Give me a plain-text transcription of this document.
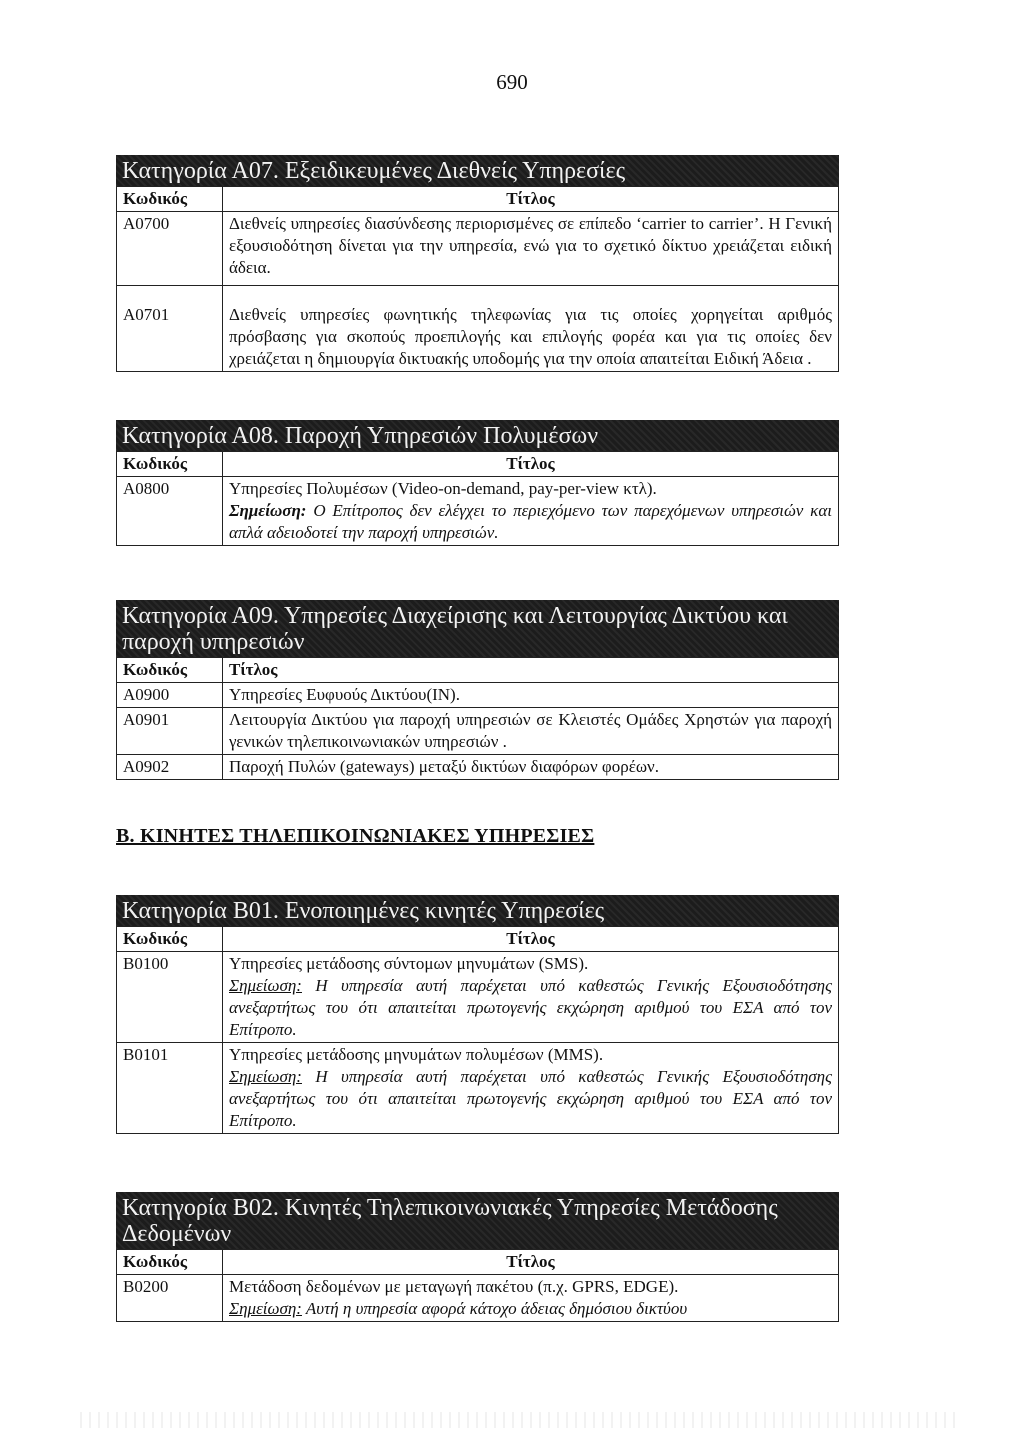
690
Κατηγορία Α07. Εξειδικευμένες Διεθνείς Υπηρεσίες
Κωδικός	Τίτλος
Α0700	Διεθνείς υπηρεσίες διασύνδεσης περιορισμένες σε επίπεδο ‘carrier to carrier’. Η Γενική εξουσιοδότηση δίνεται για την υπηρεσία, ενώ για το σχετικό δίκτυο χρειάζεται ειδική άδεια.
Α0701	Διεθνείς υπηρεσίες φωνητικής τηλεφωνίας για τις οποίες χορηγείται αριθμός πρόσβασης για σκοπούς προεπιλογής και επιλογής φορέα και για τις οποίες δεν χρειάζεται η δημιουργία δικτυακής υποδομής για την οποία απαιτείται Ειδική Άδεια .
Κατηγορία Α08. Παροχή Υπηρεσιών Πολυμέσων
Κωδικός	Τίτλος
Α0800	Υπηρεσίες Πολυμέσων (Video-on-demand, pay-per-view κτλ).
Σημείωση: Ο Επίτροπος δεν ελέγχει το περιεχόμενο των παρεχόμενων υπηρεσιών και απλά αδειοδοτεί την παροχή υπηρεσιών.
Κατηγορία Α09. Υπηρεσίες Διαχείρισης και Λειτουργίας Δικτύου και παροχή υπηρεσιών
Κωδικός	Τίτλος
Α0900	Υπηρεσίες Ευφυούς Δικτύου(IN).
Α0901	Λειτουργία Δικτύου για παροχή υπηρεσιών σε Κλειστές Ομάδες Χρηστών για παροχή γενικών τηλεπικοινωνιακών υπηρεσιών .
Α0902	Παροχή Πυλών (gateways) μεταξύ δικτύων διαφόρων φορέων.
Β. ΚΙΝΗΤΕΣ ΤΗΛΕΠΙΚΟΙΝΩΝΙΑΚΕΣ ΥΠΗΡΕΣΙΕΣ
Κατηγορία Β01. Ενοποιημένες κινητές Υπηρεσίες
Κωδικός	Τίτλος
Β0100	Υπηρεσίες μετάδοσης σύντομων μηνυμάτων (SMS).
Σημείωση: Η υπηρεσία αυτή παρέχεται υπό καθεστώς Γενικής Εξουσιοδότησης ανεξαρτήτως του ότι απαιτείται πρωτογενής εκχώρηση αριθμού του ΕΣΑ από τον Επίτροπο.

Β0101	Υπηρεσίες μετάδοσης μηνυμάτων πολυμέσων (MMS).
Σημείωση: Η υπηρεσία αυτή παρέχεται υπό καθεστώς Γενικής Εξουσιοδότησης ανεξαρτήτως του ότι απαιτείται πρωτογενής εκχώρηση αριθμού του ΕΣΑ από τον Επίτροπο.
Κατηγορία Β02. Κινητές Τηλεπικοινωνιακές Υπηρεσίες Μετάδοσης Δεδομένων
Κωδικός	Τίτλος
Β0200	Μετάδοση δεδομένων με μεταγωγή πακέτου (π.χ. GPRS, EDGE).
Σημείωση: Αυτή η υπηρεσία αφορά κάτοχο άδειας δημόσιου δικτύου
